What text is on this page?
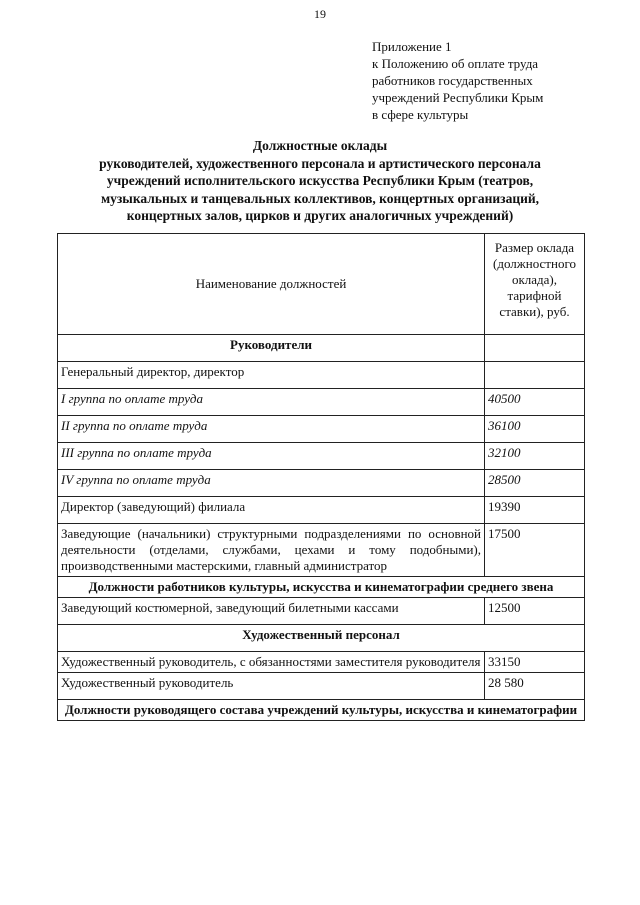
19
Приложение 1
к Положению об оплате труда
работников государственных
учреждений Республики Крым
в сфере культуры
Должностные оклады
руководителей, художественного персонала и артистического персонала
учреждений исполнительского искусства Республики Крым (театров,
музыкальных и танцевальных коллективов, концертных организаций,
концертных залов, цирков и других аналогичных учреждений)
Наименование должностей	Размер оклада (должностного оклада), тарифной ставки), руб.
Руководители	
Генеральный директор, директор	
I группа по оплате труда	40500
II группа по оплате труда	36100
III группа по оплате труда	32100
IV группа по оплате труда	28500
Директор (заведующий) филиала	19390
Заведующие (начальники) структурными подразделениями по основной деятельности (отделами, службами, цехами и тому подобными), производственными мастерскими, главный администратор	17500
Должности работников культуры, искусства и кинематографии среднего звена	
Заведующий костюмерной, заведующий билетными кассами	12500
Художественный персонал	
Художественный руководитель, с обязанностями заместителя руководителя	33150
Художественный руководитель	28 580
Должности руководящего состава учреждений культуры, искусства и кинематографии	
